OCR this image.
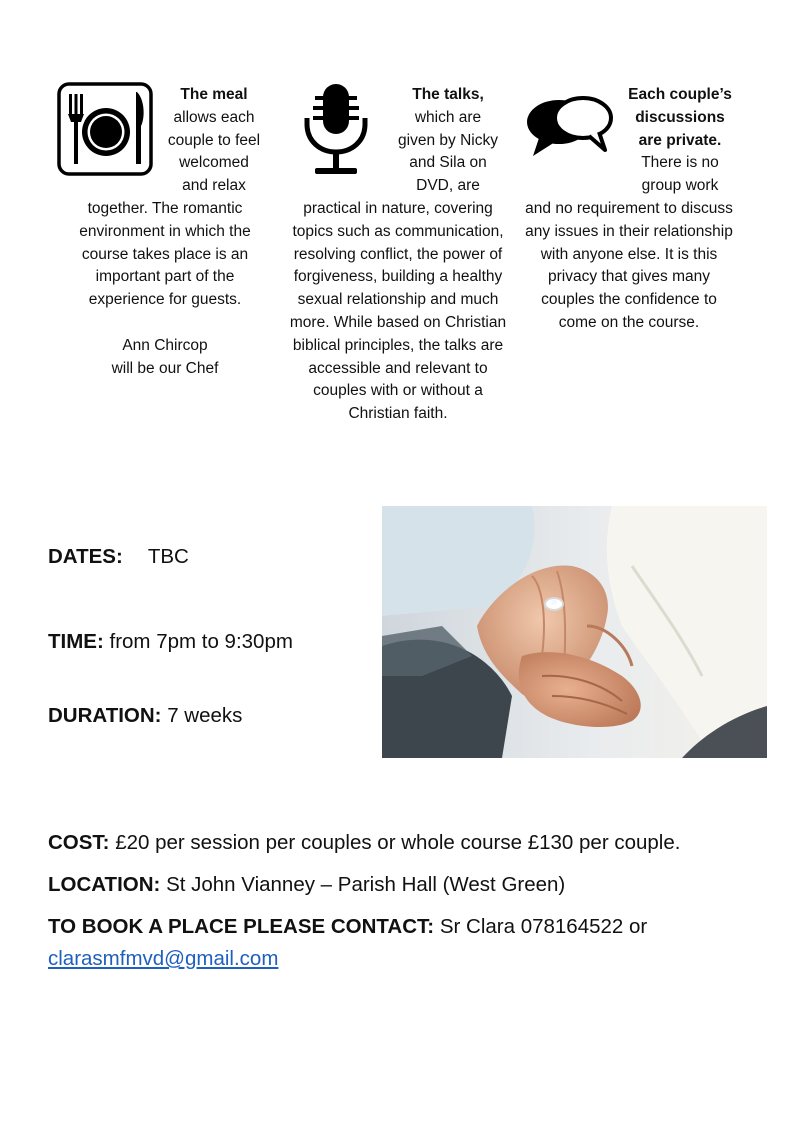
The meal
allows each
couple to feel
welcomed
and relax
together. The romantic environment in which the course takes place is an important part of the experience for guests.
Ann Chircop
will be our Chef
The talks,
which are
given by Nicky
and Sila on
DVD, are
practical in nature, covering topics such as communication, resolving conflict, the power of forgiveness, building a healthy sexual relationship and much more. While based on Christian biblical principles, the talks are accessible and relevant to couples with or without a Christian faith.
Each couple’s
discussions
are private.
There is no
group work
and no requirement to discuss any issues in their relationship with anyone else. It is this privacy that gives many couples the confidence to come on the course.
DATES: TBC
TIME: from 7pm to 9:30pm
DURATION: 7 weeks
COST: £20 per session per couples or whole course £130 per couple.
LOCATION: St John Vianney – Parish Hall (West Green)
TO BOOK A PLACE PLEASE CONTACT: Sr Clara 078164522 or
clarasmfmvd@gmail.com
